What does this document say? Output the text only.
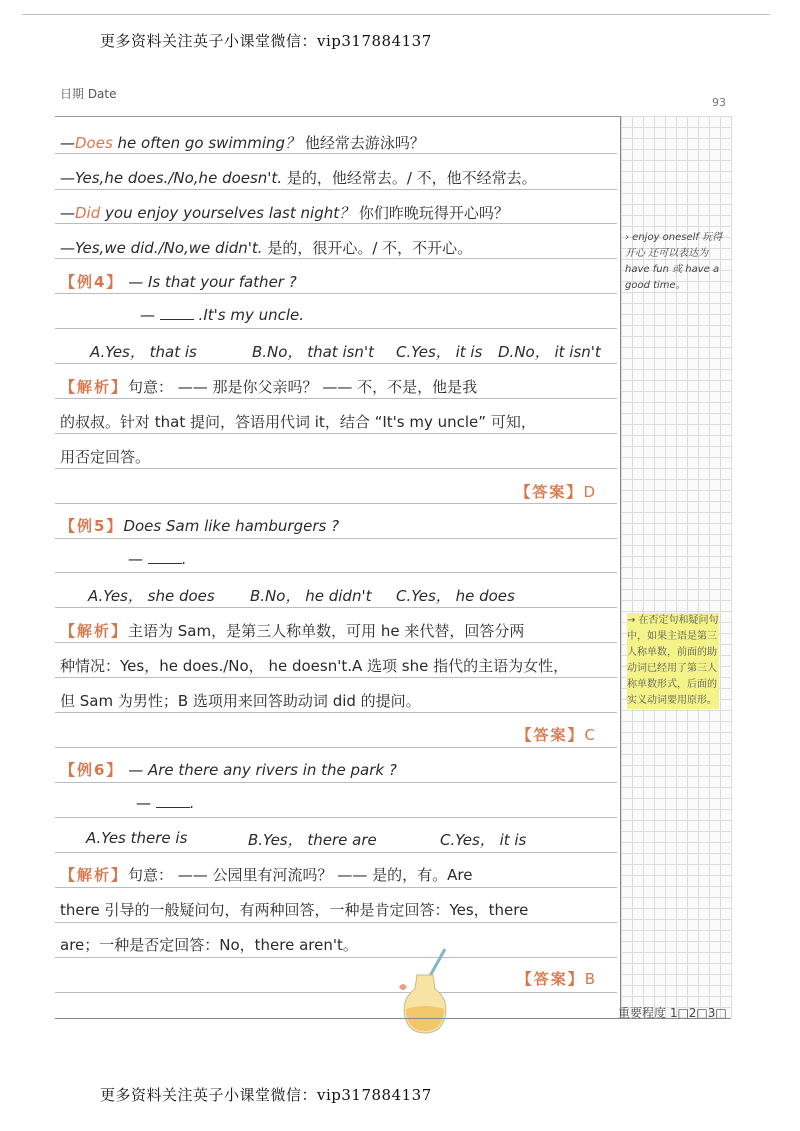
更多资料关注英子小课堂微信：vip317884137
日期 Date
93
—Does he often go swimming？ 他经常去游泳吗？
—Yes,he does./No,he doesn't. 是的，他经常去。/ 不，他不经常去。
—Did you enjoy yourselves last night？ 你们昨晚玩得开心吗？
—Yes,we did./No,we didn't. 是的，很开心。/ 不，不开心。
【例4】 — Is that your father ?
—  .It's my uncle.
A.Yes， that is	B.No， that isn't C.Yes， it is D.No， it isn't
【解析】句意： —— 那是你父亲吗？ —— 不，不是，他是我
的叔叔。针对 that 提问，答语用代词 it，结合 “It's my uncle” 可知，
用否定回答。
【答案】D
【例5】Does Sam like hamburgers ?
— .
A.Yes， she does B.No， he didn't C.Yes， he does
【解析】主语为 Sam，是第三人称单数，可用 he 来代替，回答分两
种情况：Yes，he does./No， he doesn't.A 选项 she 指代的主语为女性，
但 Sam 为男性；B 选项用来回答助动词 did 的提问。
【答案】C
【例6】 — Are there any rivers in the park ?
— .
A.Yes there is	B.Yes， there are	C.Yes， it is
【解析】句意： —— 公园里有河流吗？ —— 是的，有。Are
there 引导的一般疑问句，有两种回答，一种是肯定回答：Yes，there
are；一种是否定回答：No，there aren't。
【答案】B
› enjoy oneself 玩得开心 还可以表达为 have fun 或 have a good time。
→ 在否定句和疑问句中，如果主语是第三人称单数，前面的助动词已经用了第三人称单数形式，后面的实义动词要用原形。
重要程度 1□2□3□
更多资料关注英子小课堂微信：vip317884137
